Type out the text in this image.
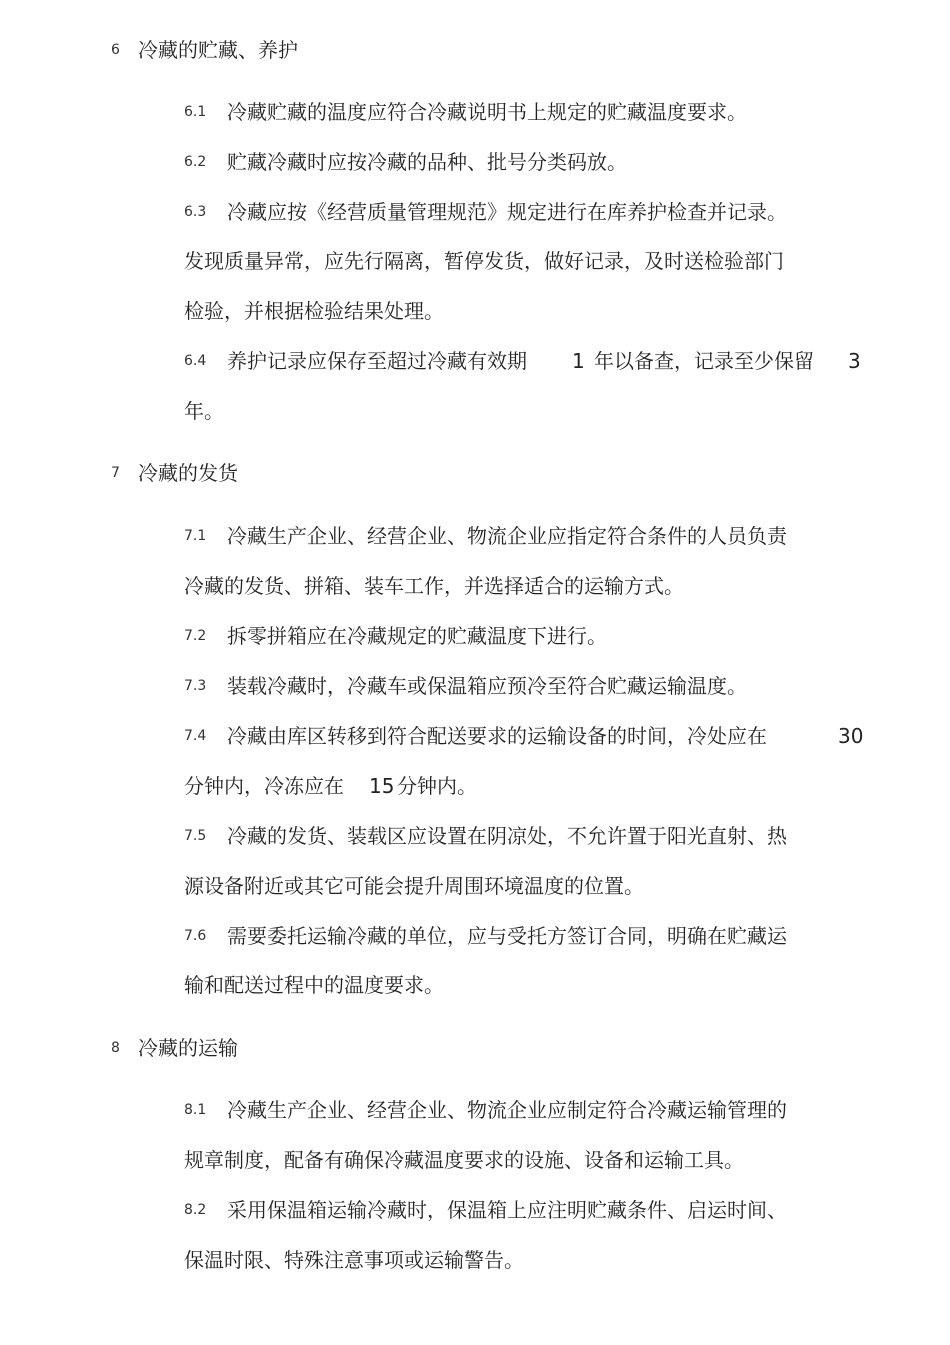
6 冷藏的贮藏、养护
6.1	冷藏贮藏的温度应符合冷藏说明书上规定的贮藏温度要求。
6.2	贮藏冷藏时应按冷藏的品种、批号分类码放。
6.3	冷藏应按《经营质量管理规范》规定进行在库养护检查并记录。
发现质量异常，应先行隔离，暂停发货，做好记录，及时送检验部门
检验，并根据检验结果处理。
6.4	养护记录应保存至超过冷藏有效期 1 年以备查，记录至少保留 3
年。
7 冷藏的发货
7.1	冷藏生产企业、经营企业、物流企业应指定符合条件的人员负责
冷藏的发货、拼箱、装车工作，并选择适合的运输方式。
7.2	拆零拼箱应在冷藏规定的贮藏温度下进行。
7.3	装载冷藏时，冷藏车或保温箱应预冷至符合贮藏运输温度。
7.4	冷藏由库区转移到符合配送要求的运输设备的时间，冷处应在	30
分钟内，冷冻应在 15 分钟内。
7.5	冷藏的发货、装载区应设置在阴凉处，不允许置于阳光直射、热
源设备附近或其它可能会提升周围环境温度的位置。
7.6	需要委托运输冷藏的单位，应与受托方签订合同，明确在贮藏运
输和配送过程中的温度要求。
8 冷藏的运输
8.1	冷藏生产企业、经营企业、物流企业应制定符合冷藏运输管理的
规章制度，配备有确保冷藏温度要求的设施、设备和运输工具。
8.2	采用保温箱运输冷藏时，保温箱上应注明贮藏条件、启运时间、
保温时限、特殊注意事项或运输警告。
